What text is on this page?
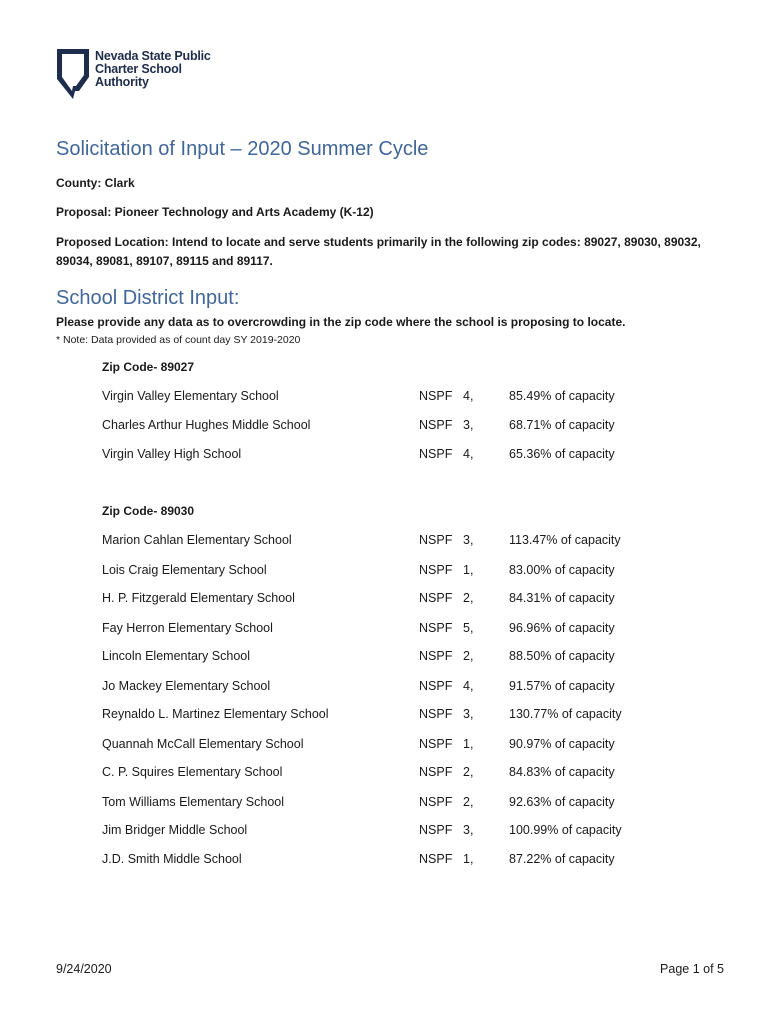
Nevada State Public
Charter School
Authority
Solicitation of Input – 2020 Summer Cycle
County: Clark
Proposal: Pioneer Technology and Arts Academy (K-12)
Proposed Location: Intend to locate and serve students primarily in the following zip codes: 89027, 89030, 89032, 89034, 89081, 89107, 89115 and 89117.
School District Input:
Please provide any data as to overcrowding in the zip code where the school is proposing to locate.
* Note: Data provided as of count day SY 2019-2020
Zip Code- 89027
Virgin Valley Elementary School	NSPF 4,	85.49% of capacity
Charles Arthur Hughes Middle School	NSPF 3,	68.71% of capacity
Virgin Valley High School	NSPF 4,	65.36% of capacity
Zip Code- 89030
Marion Cahlan Elementary School	NSPF 3,	113.47% of capacity
Lois Craig Elementary School	NSPF 1,	83.00% of capacity
H. P. Fitzgerald Elementary School	NSPF 2,	84.31% of capacity
Fay Herron Elementary School	NSPF 5,	96.96% of capacity
Lincoln Elementary School	NSPF 2,	88.50% of capacity
Jo Mackey Elementary School	NSPF 4,	91.57% of capacity
Reynaldo L. Martinez Elementary School	NSPF 3,	130.77% of capacity
Quannah McCall Elementary School	NSPF 1,	90.97% of capacity
C. P. Squires Elementary School	NSPF 2,	84.83% of capacity
Tom Williams Elementary School	NSPF 2,	92.63% of capacity
Jim Bridger Middle School	NSPF 3,	100.99% of capacity
J.D. Smith Middle School	NSPF 1,	87.22% of capacity
9/24/2020	Page 1 of 5
